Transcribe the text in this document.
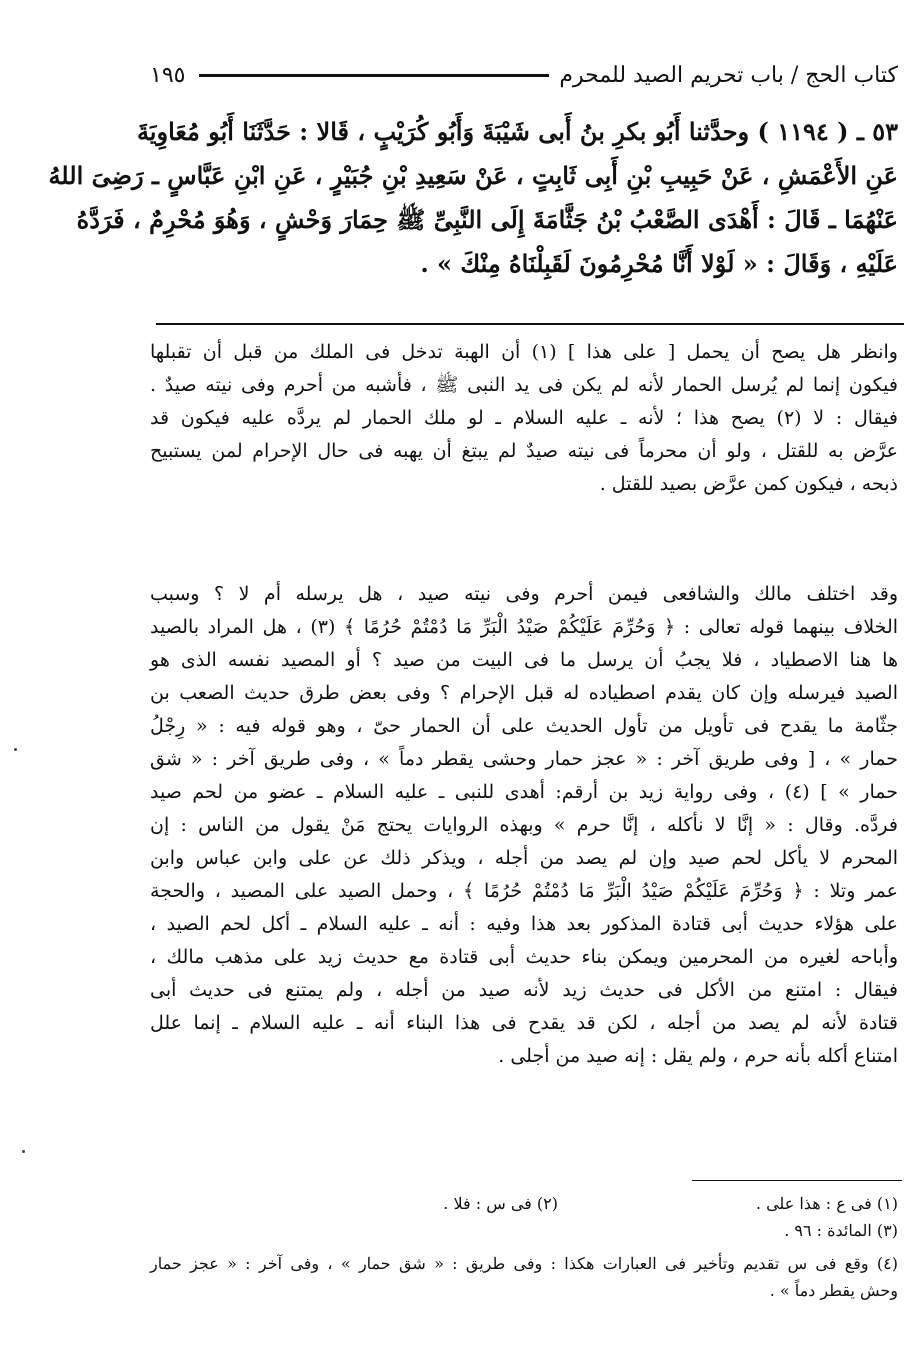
كتاب الحج / باب تحريم الصيد للمحرم
١٩٥
٥٣ ـ ( ١١٩٤ ) وحدَّثنا أَبُو بكرِ بنُ أَبى شَيْبَةَ وَأَبُو كُرَيْبٍ ، قَالا : حَدَّثَنَا أَبُو مُعَاوِيَةَ
عَنِ الأَعْمَشِ ، عَنْ حَبِيبِ بْنِ أَبِى ثَابِتٍ ، عَنْ سَعِيدِ بْنِ جُبَيْرٍ ، عَنِ ابْنِ عَبَّاسٍ ـ رَضِىَ اللهُ
عَنْهُمَا ـ قَالَ : أَهْدَى الصَّعْبُ بْنُ جَثَّامَةَ إِلَى النَّبِىِّ ﷺ حِمَارَ وَحْشٍ ، وَهُوَ مُحْرِمٌ ، فَرَدَّهُ
عَلَيْهِ ، وَقَالَ : « لَوْلا أَنَّا مُحْرِمُونَ لَقَبِلْنَاهُ مِنْكَ » .
وانظر هل يصح أن يحمل [ على هذا ] (١) أن الهبة تدخل فى الملك من قبل أن تقبلها
فيكون إنما لم يُرسل الحمار لأنه لم يكن فى يد النبى ﷺ ، فأشبه من أحرم وفى نيته صيدٌ .
فيقال : لا (٢) يصح هذا ؛ لأنه ـ عليه السلام ـ لو ملك الحمار لم يردَّه عليه فيكون قد
عرَّض به للقتل ، ولو أن محرماً فى نيته صيدٌ لم يبتغ أن يهبه فى حال الإحرام لمن يستبيح
ذبحه ، فيكون كمن عرَّض بصيد للقتل .
وقد اختلف مالك والشافعى فيمن أحرم وفى نيته صيد ، هل يرسله أم لا ؟ وسبب
الخلاف بينهما قوله تعالى : ﴿ وَحُرِّمَ عَلَيْكُمْ صَيْدُ الْبَرِّ مَا دُمْتُمْ حُرُمًا ﴾ (٣) ، هل المراد بالصيد
ها هنا الاصطياد ، فلا يجبُ أن يرسل ما فى البيت من صيد ؟ أو المصيد نفسه الذى هو
الصيد فيرسله وإن كان يقدم اصطياده له قبل الإحرام ؟ وفى بعض طرق حديث الصعب بن
جثّامة ما يقدح فى تأويل من تأول الحديث على أن الحمار حىّ ، وهو قوله فيه : « رِجْلُ
حمار » ، [ وفى طريق آخر : « عجز حمار وحشى يقطر دماً » ، وفى طريق آخر : « شق
حمار » ] (٤) ، وفى رواية زيد بن أرقم: أهدى للنبى ـ عليه السلام ـ عضو من لحم صيد
فردَّه. وقال : « إنَّا لا نأكله ، إنَّا حرم » وبهذه الروايات يحتج مَنْ يقول من الناس : إن
المحرم لا يأكل لحم صيد وإن لم يصد من أجله ، ويذكر ذلك عن على وابن عباس وابن
عمر وتلا : ﴿ وَحُرِّمَ عَلَيْكُمْ صَيْدُ الْبَرِّ مَا دُمْتُمْ حُرُمًا ﴾ ، وحمل الصيد على المصيد ، والحجة
على هؤلاء حديث أبى قتادة المذكور بعد هذا وفيه : أنه ـ عليه السلام ـ أكل لحم الصيد ،
وأباحه لغيره من المحرمين ويمكن بناء حديث أبى قتادة مع حديث زيد على مذهب مالك ،
فيقال : امتنع من الأكل فى حديث زيد لأنه صيد من أجله ، ولم يمتنع فى حديث أبى
قتادة لأنه لم يصد من أجله ، لكن قد يقدح فى هذا البناء أنه ـ عليه السلام ـ إنما علل
امتناع أكله بأنه حرم ، ولم يقل : إنه صيد من أجلى .
(١) فى ع : هذا على .
(٢) فى س : فلا .
(٣) المائدة : ٩٦ .
(٤) وقع فى س تقديم وتأخير فى العبارات هكذا : وفى طريق : « شق حمار » ، وفى آخر : « عجز حمار
وحش يقطر دماً » .
